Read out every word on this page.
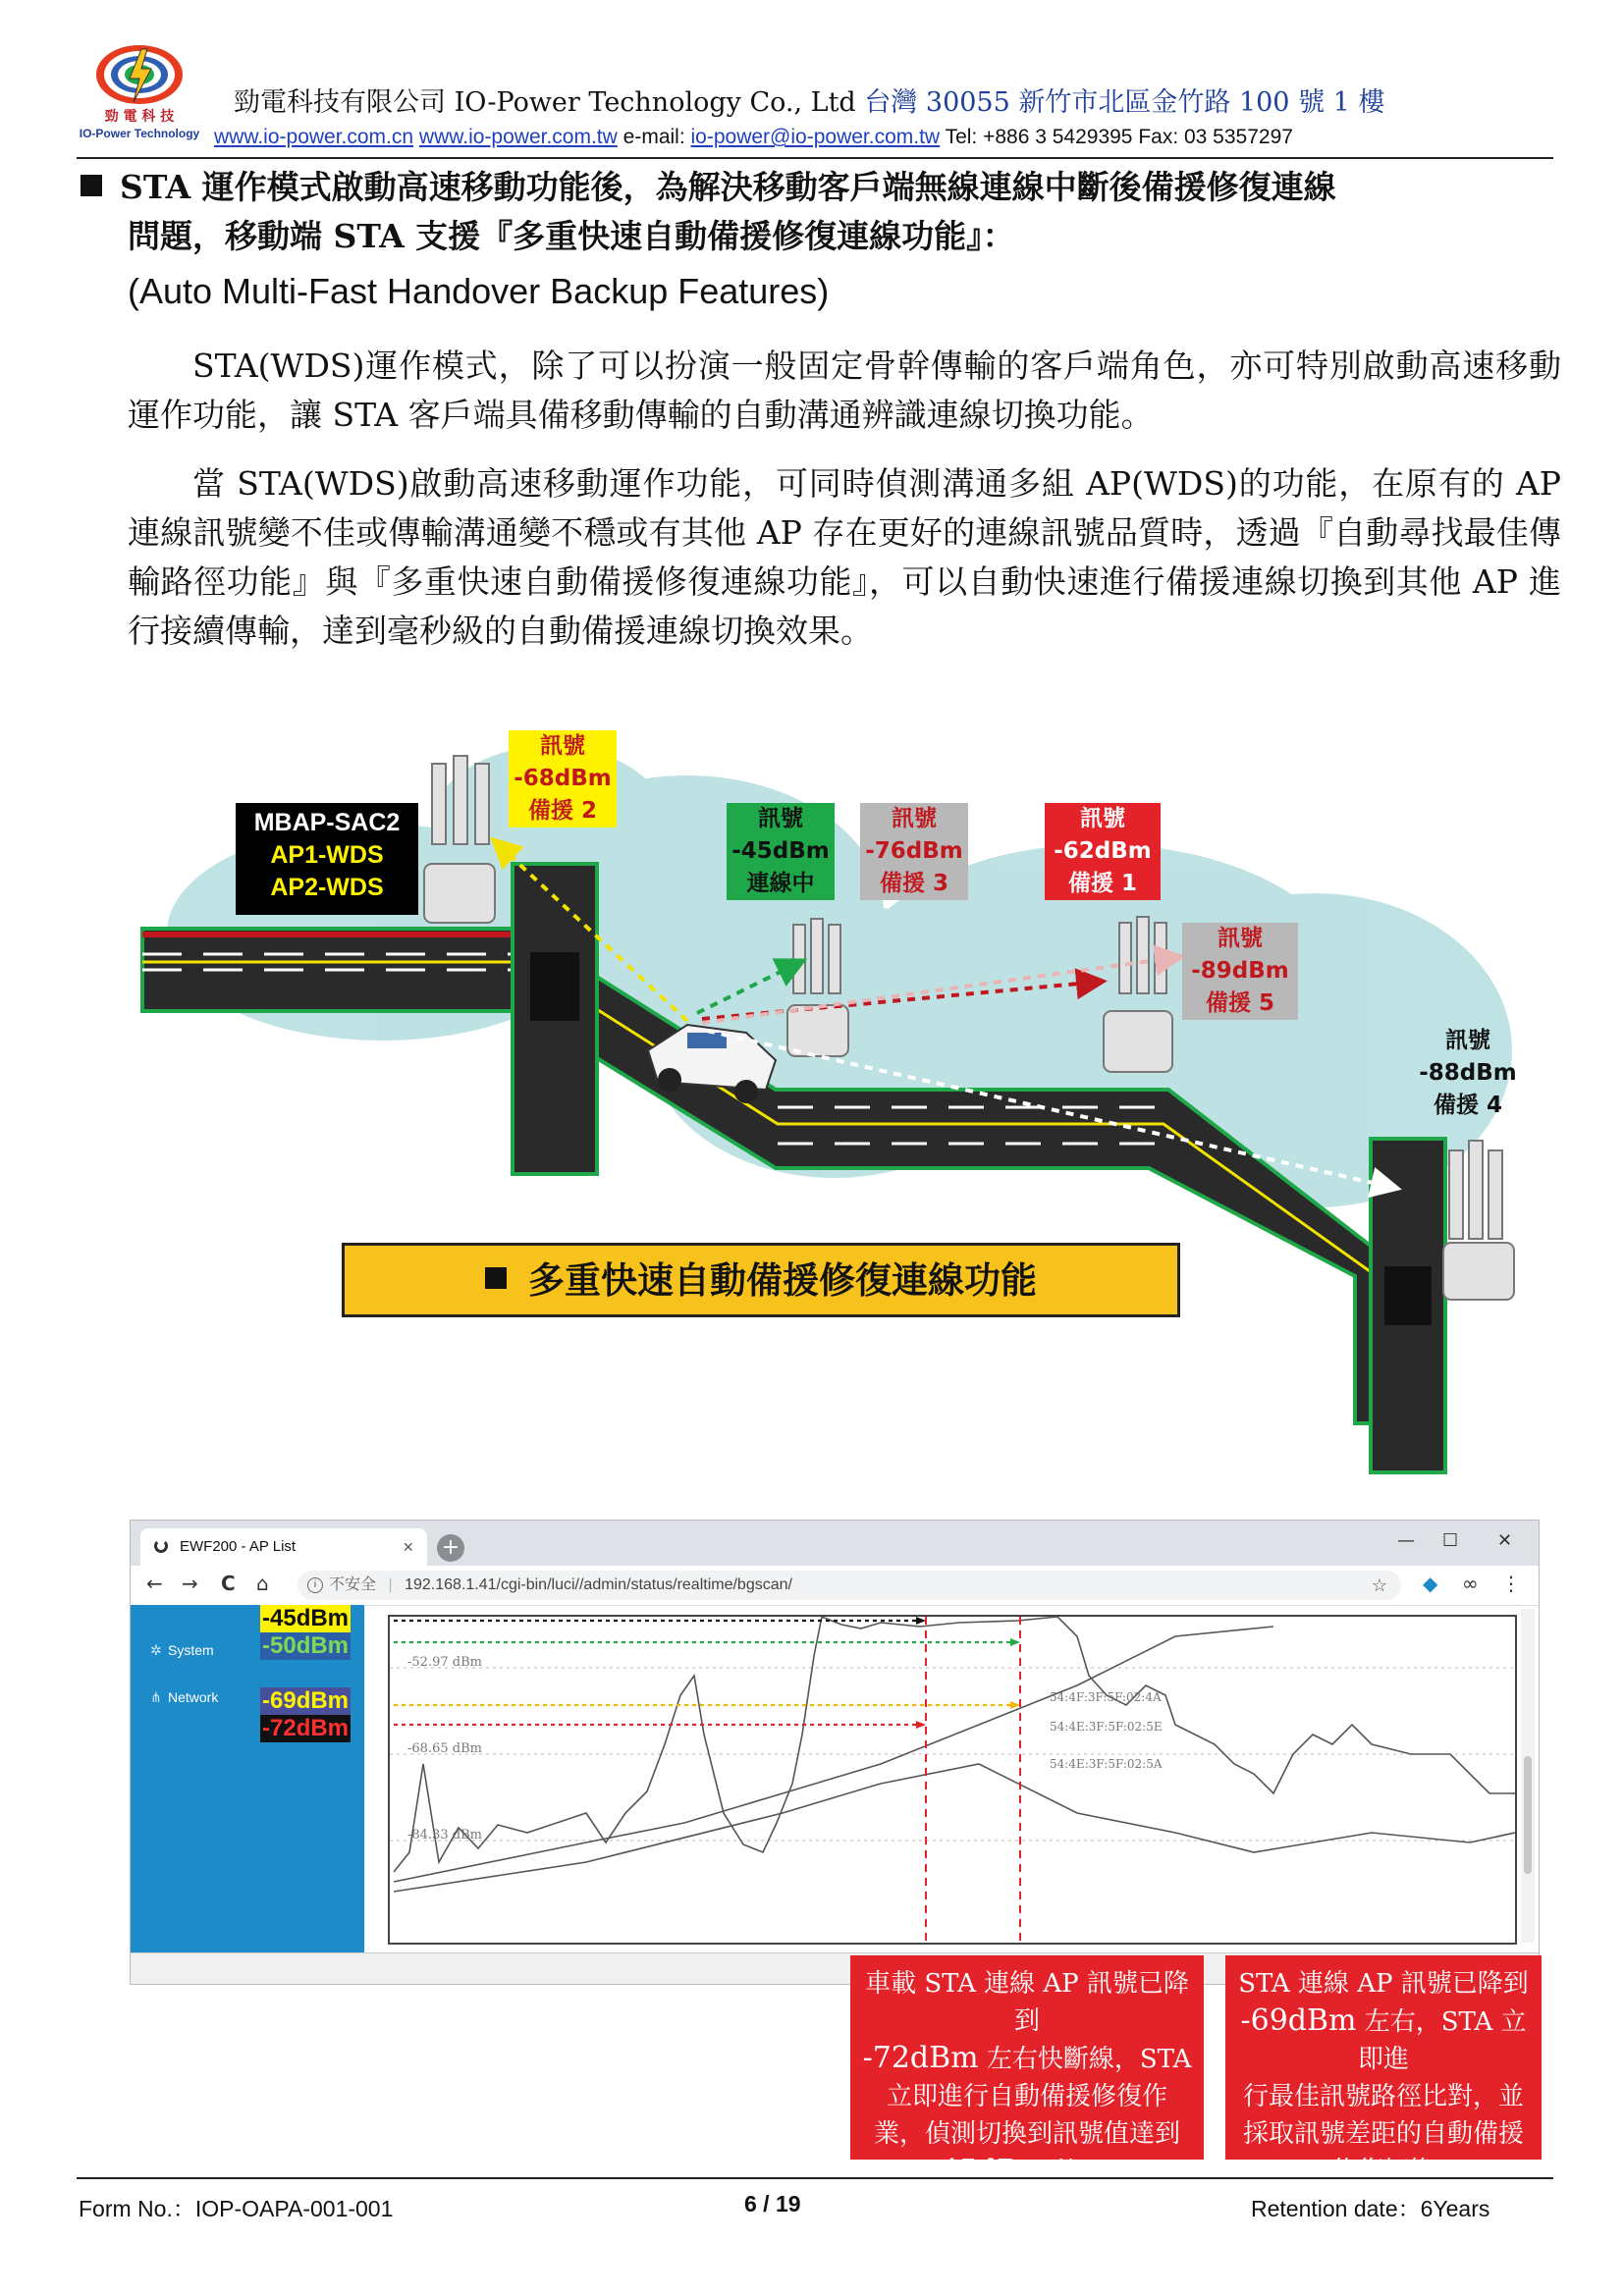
勁 電 科 技
IO-Power Technology
勁電科技有限公司 IO-Power Technology Co., Ltd 台灣 30055 新竹市北區金竹路 100 號 1 樓
www.io-power.com.cn www.io-power.com.tw e-mail: io-power@io-power.com.tw Tel: +886 3 5429395 Fax: 03 5357297
STA 運作模式啟動高速移動功能後，為解決移動客戶端無線連線中斷後備援修復連線
問題，移動端 STA 支援『多重快速自動備援修復連線功能』：
(Auto Multi-Fast Handover Backup Features)

STA(WDS)運作模式，除了可以扮演一般固定骨幹傳輸的客戶端角色，亦可特別啟動高速移動運作功能，讓 STA 客戶端具備移動傳輸的自動溝通辨識連線切換功能。

當 STA(WDS)啟動高速移動運作功能，可同時偵測溝通多組 AP(WDS)的功能，在原有的 AP 連線訊號變不佳或傳輸溝通變不穩或有其他 AP 存在更好的連線訊號品質時，透過『自動尋找最佳傳輸路徑功能』與『多重快速自動備援修復連線功能』，可以自動快速進行備援連線切換到其他 AP 進行接續傳輸，達到毫秒級的自動備援連線切換效果。

MBAP-SAC2
AP1-WDS
AP2-WDS
訊號
-68dBm
備援 2	訊號
-45dBm
連線中
訊號
-76dBm
備援 3
訊號
-62dBm
備援 1
訊號
-89dBm
備援 5
訊號
-88dBm
備援 4
多重快速自動備援修復連線功能
EWF200 - AP List	× +	— ☐ ✕
← → C ⌂	i 不安全 | 192.168.1.41/cgi-bin/luci//admin/status/realtime/bgscan/	☆ ◆ ∞ ⋮
✲ System
⋔ Network
-52.97 dBm
-68.65 dBm
-84.33 dBm
54:4F:3F:5F:02:4A
54:4E:3F:5F:02:5E
54:4E:3F:5F:02:5A
-45dBm
-50dBm
-69dBm
-72dBm
車載 STA 連線 AP 訊號已降到
-72dBm 左右快斷線，STA
立即進行自動備援修復作
業，偵測切換到訊號值達到
-45dBm 的 AP
STA 連線 AP 訊號已降到
-69dBm 左右，STA 立即進
行最佳訊號路徑比對，並
採取訊號差距的自動備援
修復切換
Form No.：IOP-OAPA-001-001	6 / 19	Retention date：6Years
